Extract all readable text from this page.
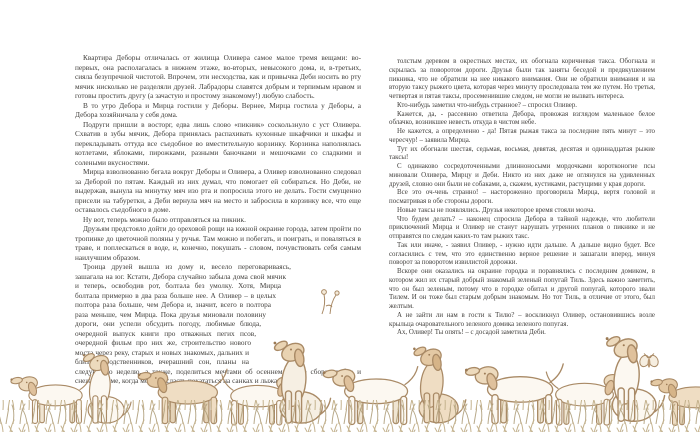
Квартира Деборы отличалась от жилища Оливера самое малое тремя вещами: во-первых, она располагалась в нижнем этаже, во-вторых, невысокого дома, и, в-третьих, сияла безупречной чистотой. Впрочем, эти несходства, как и привычка Деби носить во рту мячик нисколько не разделяли друзей. Лабрадоры славятся добрым и терпимым нравом и готовы простить другу (а зачастую и простому знакомому!) любую слабость.

В то утро Дебора и Мирца гостили у Деборы. Вернее, Мирца гостила у Деборы, а Дебора хозяйничала у себя дома.

Подруги пришли в восторг, едва лишь слово «пикник» соскользнуло с уст Оливера. Схватив в зубы мячик, Дебора принялась распахивать кухонные шкафчики и шкафы и перекладывать оттуда все съедобное во вместительную корзинку. Корзинка наполнялась котлетами, яблоками, пирожками, разными баночками и мешочками со сладкими и солеными вкусностями.

Мирца взволнованно бегала вокруг Деборы и Оливера, а Оливер взволнованно следовал за Деборой по пятам. Каждый из них думал, что помогает ей собираться. Но Деби, не выдержав, вынула на минутку мяч изо рта и попросила этого не делать. Гости смущенно присели на табуретки, а Деби вернула мяч на место и забросила в корзинку все, что еще оставалось съедобного в доме.

Ну вот, теперь можно было отправляться на пикник.

Друзьям предстояло дойти до ореховой рощи на южной окраине города, затем пройти по тропинке до цветочной поляны у ручья. Там можно и побегать, и поиграть, и поваляться в траве, и поплескаться в воде, и, конечно, покушать - словом, почувствовать себя самым наилучшим образом.

Троица друзей вышла из дому и, весело переговариваясь, зашагала на юг. Кстати, Дебора случайно забыла дома свой мячик и теперь, освободив рот, болтала без умолку. Хотя, Мирца болтала примерно в два раза больше нее. А Оливер – в целых полтора раза больше, чем Дебора и, значит, всего в полтора раза меньше, чем Мирца. Пока друзья миновали половину дороги, они успели обсудить погоду, любимые блюда, очередной выпуск книги про отважных пегих псов, очередной фильм про них же, строительство нового моста через реку, старых и новых знакомых, дальних и близких родственников, вчерашний сон, планы на следующую неделю, а также, поделиться мечтами об осеннем сезоне сбора грибов и снежной зиме, когда можно всласть покататься на санках и лыжах.

толстым деревом в окрестных местах, их обогнала коричневая такса. Обогнала и скрылась за поворотом дороги. Друзья были так заняты беседой и предвкушением пикника, что не обратили на нее никакого внимания. Они не обратили внимания и на вторую таксу рыжего цвета, которая через минуту проследовала тем же путем. Но третья, четвертая и пятая таксы, просеменившие следом, не могли не вызвать интереса.

Кто-нибудь заметил что-нибудь странное? – спросил Оливер.

Кажется, да, - рассеянно ответила Дебора, провожая взглядом маленькое белое облачко, возникшее невесть откуда в чистом небе.

Не кажется, а определенно - да! Пятая рыжая такса за последние пять минут – это чересчур! – заявила Мирца.

Тут их обогнали шестая, седьмая, восьмая, девятая, десятая и одиннадцатая рыжие таксы!

С одинаково сосредоточенными длинноносыми мордочками коротконогие псы миновали Оливера, Мирцу и Деби. Никто из них даже не оглянулся на удивленных друзей, словно они были не собаками, а, скажем, кустиками, растущими у края дороги.

Все это оч-чень странно! – настороженно проговорила Мирца, вертя головой и посматривая в обе стороны дороги.

Новые таксы не появлялись. Друзья некоторое время стояли молча.

Что будем делать? – наконец спросила Дебора в тайной надежде, что любители приключений Мирца и Оливер не станут нарушать утренних планов о пикнике и не отправятся по следам каких-то там рыжих такс.

Так или иначе, - заявил Оливер, - нужно идти дальше. А дальше видно будет. Все согласились с тем, что это единственно верное решение и зашагали вперед, минуя поворот за поворотом извилистой дорожки.

Вскоре они оказались на окраине городка и поравнялись с последним домиком, в котором жил их старый добрый знакомый зеленый попугай Тиль. Здесь важно заметить, что он был зеленым, потому что в городке обитал и другой попугай, которого звали Тилем. И он тоже был старым добрым знакомым. Но тот Тиль, в отличие от этого, был желтым.

А не зайти ли нам в гости к Тилю? – воскликнул Оливер, остановившись возле крыльца очаровательного зеленого домика зеленого попугая.

Ах, Оливер! Ты опять! – с досадой заметила Деби.
